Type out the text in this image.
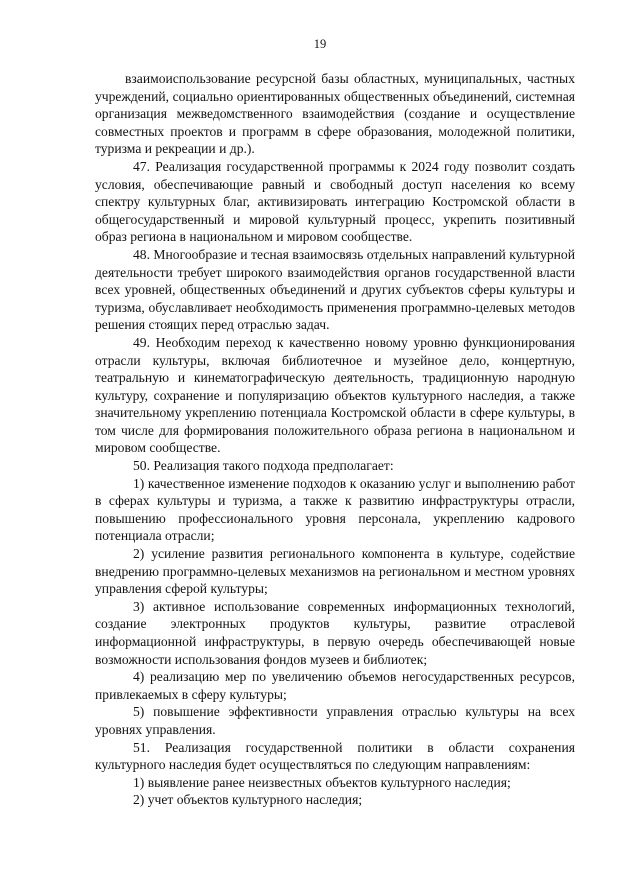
19

взаимоиспользование ресурсной базы областных, муниципальных, частных учреждений, социально ориентированных общественных объединений, системная организация межведомственного взаимодействия (создание и осуществление совместных проектов и программ в сфере образования, молодежной политики, туризма и рекреации и др.).

47. Реализация государственной программы к 2024 году позволит создать условия, обеспечивающие равный и свободный доступ населения ко всему спектру культурных благ, активизировать интеграцию Костромской области в общегосударственный и мировой культурный процесс, укрепить позитивный образ региона в национальном и мировом сообществе.

48. Многообразие и тесная взаимосвязь отдельных направлений культурной деятельности требует широкого взаимодействия органов государственной власти всех уровней, общественных объединений и других субъектов сферы культуры и туризма, обуславливает необходимость применения программно-целевых методов решения стоящих перед отраслью задач.

49. Необходим переход к качественно новому уровню функционирования отрасли культуры, включая библиотечное и музейное дело, концертную, театральную и кинематографическую деятельность, традиционную народную культуру, сохранение и популяризацию объектов культурного наследия, а также значительному укреплению потенциала Костромской области в сфере культуры, в том числе для формирования положительного образа региона в национальном и мировом сообществе.

50. Реализация такого подхода предполагает:

1) качественное изменение подходов к оказанию услуг и выполнению работ в сферах культуры и туризма, а также к развитию инфраструктуры отрасли, повышению профессионального уровня персонала, укреплению кадрового потенциала отрасли;

2) усиление развития регионального компонента в культуре, содействие внедрению программно-целевых механизмов на региональном и местном уровнях управления сферой культуры;

3) активное использование современных информационных технологий, создание электронных продуктов культуры, развитие отраслевой информационной инфраструктуры, в первую очередь обеспечивающей новые возможности использования фондов музеев и библиотек;

4) реализацию мер по увеличению объемов негосударственных ресурсов, привлекаемых в сферу культуры;

5) повышение эффективности управления отраслью культуры на всех уровнях управления.

51. Реализация государственной политики в области сохранения культурного наследия будет осуществляться по следующим направлениям:

1) выявление ранее неизвестных объектов культурного наследия;

2) учет объектов культурного наследия;
